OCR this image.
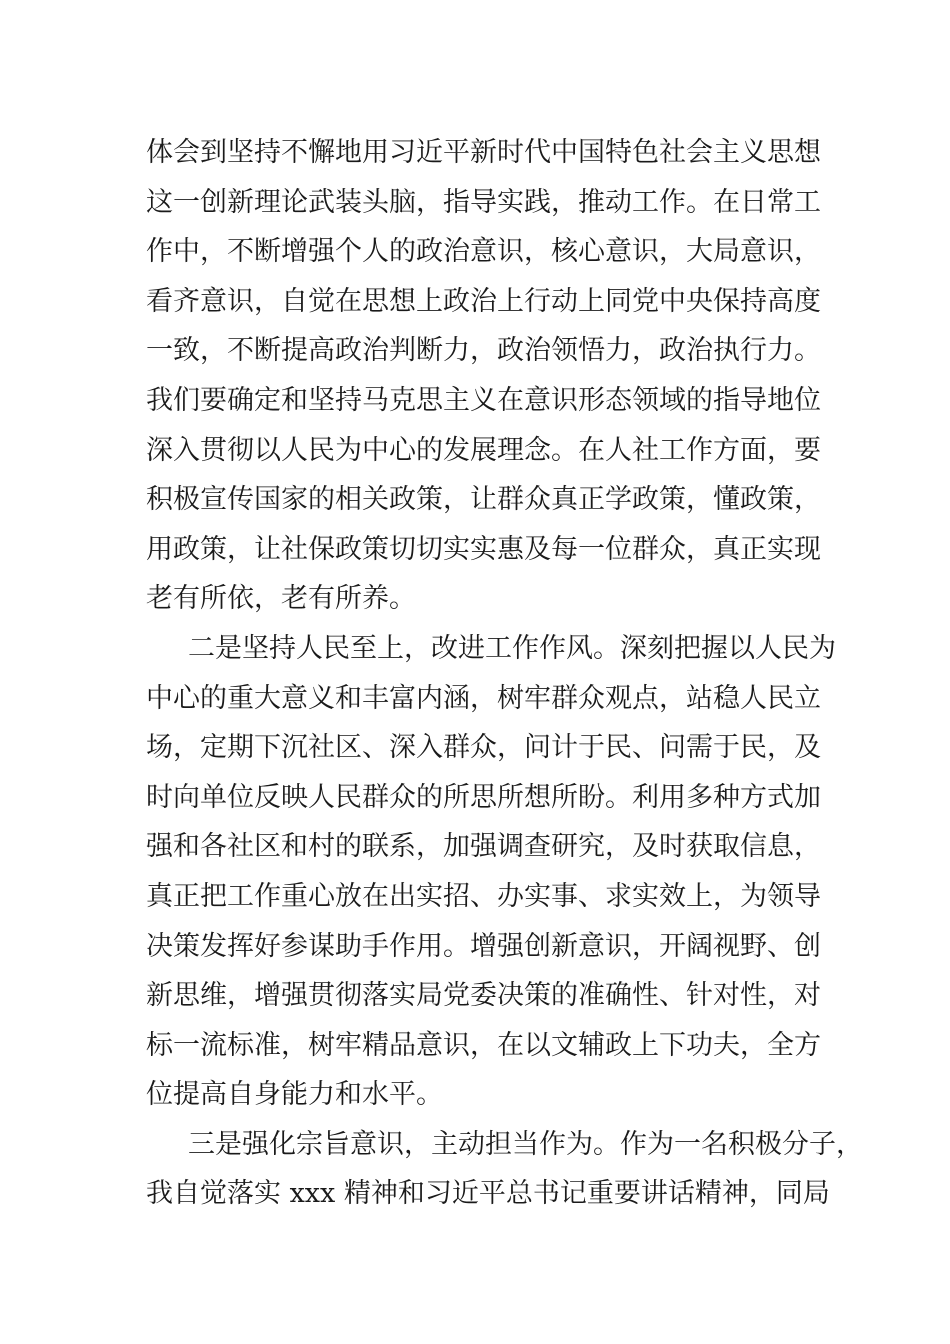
体会到坚持不懈地用习近平新时代中国特色社会主义思想
这一创新理论武装头脑，指导实践，推动工作。在日常工
作中，不断增强个人的政治意识，核心意识，大局意识，
看齐意识，自觉在思想上政治上行动上同党中央保持高度
一致，不断提高政治判断力，政治领悟力，政治执行力。
我们要确定和坚持马克思主义在意识形态领域的指导地位
深入贯彻以人民为中心的发展理念。在人社工作方面，要
积极宣传国家的相关政策，让群众真正学政策，懂政策，
用政策，让社保政策切切实实惠及每一位群众，真正实现
老有所依，老有所养。
二是坚持人民至上，改进工作作风。深刻把握以人民为
中心的重大意义和丰富内涵，树牢群众观点，站稳人民立
场，定期下沉社区、深入群众，问计于民、问需于民，及
时向单位反映人民群众的所思所想所盼。利用多种方式加
强和各社区和村的联系，加强调查研究，及时获取信息，
真正把工作重心放在出实招、办实事、求实效上，为领导
决策发挥好参谋助手作用。增强创新意识，开阔视野、创
新思维，增强贯彻落实局党委决策的准确性、针对性，对
标一流标准，树牢精品意识，在以文辅政上下功夫，全方
位提高自身能力和水平。
三是强化宗旨意识，主动担当作为。作为一名积极分子，
我自觉落实 xxx 精神和习近平总书记重要讲话精神，同局
